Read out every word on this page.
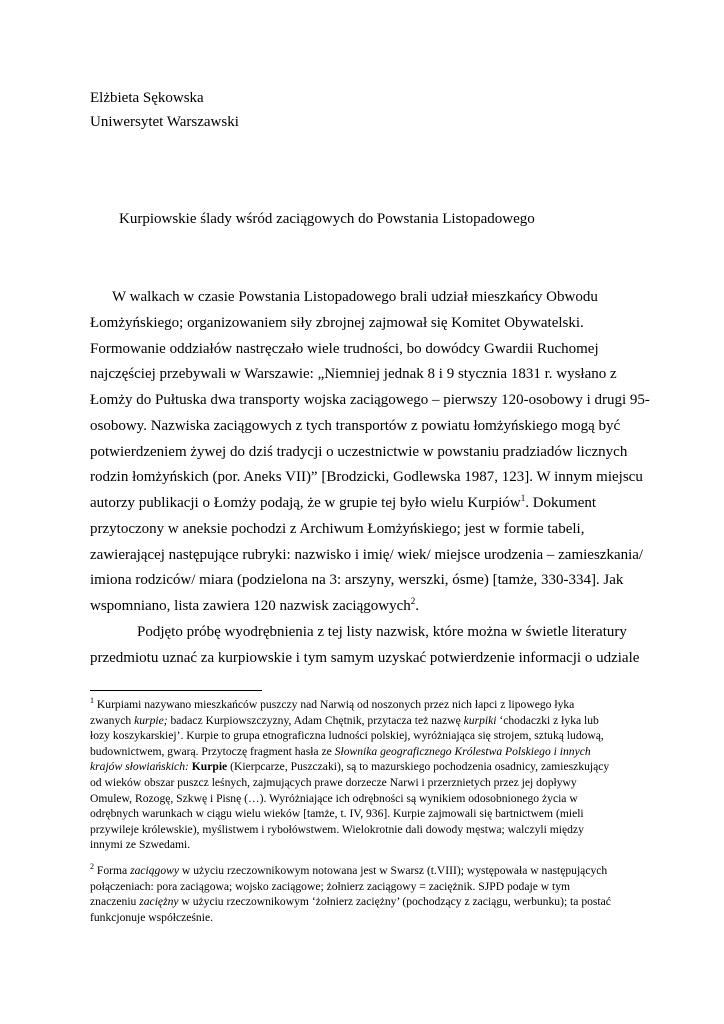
Elżbieta Sękowska
Uniwersytet Warszawski
Kurpiowskie ślady wśród zaciągowych do Powstania Listopadowego
W walkach w czasie Powstania Listopadowego brali udział mieszkańcy Obwodu
Łomżyńskiego; organizowaniem siły zbrojnej zajmował się Komitet Obywatelski.
Formowanie oddziałów nastręczało wiele trudności, bo dowódcy Gwardii Ruchomej
najczęściej przebywali w Warszawie: „Niemniej jednak 8 i 9 stycznia 1831 r. wysłano z
Łomży do Pułtuska dwa transporty wojska zaciągowego – pierwszy 120-osobowy i drugi 95-
osobowy. Nazwiska zaciągowych z tych transportów z powiatu łomżyńskiego mogą być
potwierdzeniem żywej do dziś tradycji o uczestnictwie w powstaniu pradziadów licznych
rodzin łomżyńskich (por. Aneks VII)” [Brodzicki, Godlewska 1987, 123]. W innym miejscu
autorzy publikacji o Łomży podają, że w grupie tej było wielu Kurpiów$^1$. Dokument
przytoczony w aneksie pochodzi z Archiwum Łomżyńskiego; jest w formie tabeli,
zawierającej następujące rubryki: nazwisko i imię/ wiek/ miejsce urodzenia – zamieszkania/
imiona rodziców/ miara (podzielona na 3: arszyny, werszki, ósme) [tamże, 330-334]. Jak
wspomniano, lista zawiera 120 nazwisk zaciągowych$^2$.
Podjęto próbę wyodrębnienia z tej listy nazwisk, które można w świetle literatury
przedmiotu uznać za kurpiowskie i tym samym uzyskać potwierdzenie informacji o udziale
$^1$ Kurpiami nazywano mieszkańców puszczy nad Narwią od noszonych przez nich łapci z lipowego łyka
zwanych kurpie; badacz Kurpiowszczyzny, Adam Chętnik, przytacza też nazwę kurpiki ‘chodaczki z łyka lub
łozy koszykarskiej’. Kurpie to grupa etnograficzna ludności polskiej, wyróżniająca się strojem, sztuką ludową,
budownictwem, gwarą. Przytoczę fragment hasła ze Słownika geograficznego Królestwa Polskiego i innych
krajów słowiańskich: Kurpie (Kierpcarze, Puszczaki), są to mazurskiego pochodzenia osadnicy, zamieszkujący
od wieków obszar puszcz leśnych, zajmujących prawe dorzecze Narwi i przerznietych przez jej dopływy
Omulew, Rozogę, Szkwę i Pisnę (…). Wyróżniające ich odrębności są wynikiem odosobnionego życia w
odrębnych warunkach w ciągu wielu wieków [tamże, t. IV, 936]. Kurpie zajmowali się bartnictwem (mieli
przywileje królewskie), myślistwem i rybołówstwem. Wielokrotnie dali dowody męstwa; walczyli między
innymi ze Szwedami.
$^2$ Forma zaciągowy w użyciu rzeczownikowym notowana jest w Swarsz (t.VIII); występowała w następujących
połączeniach: pora zaciągowa; wojsko zaciągowe; żołnierz zaciągowy = zaciężnik. SJPD podaje w tym
znaczeniu zaciężny w użyciu rzeczownikowym ‘żołnierz zaciężny’ (pochodzący z zaciągu, werbunku); ta postać
funkcjonuje współcześnie.
